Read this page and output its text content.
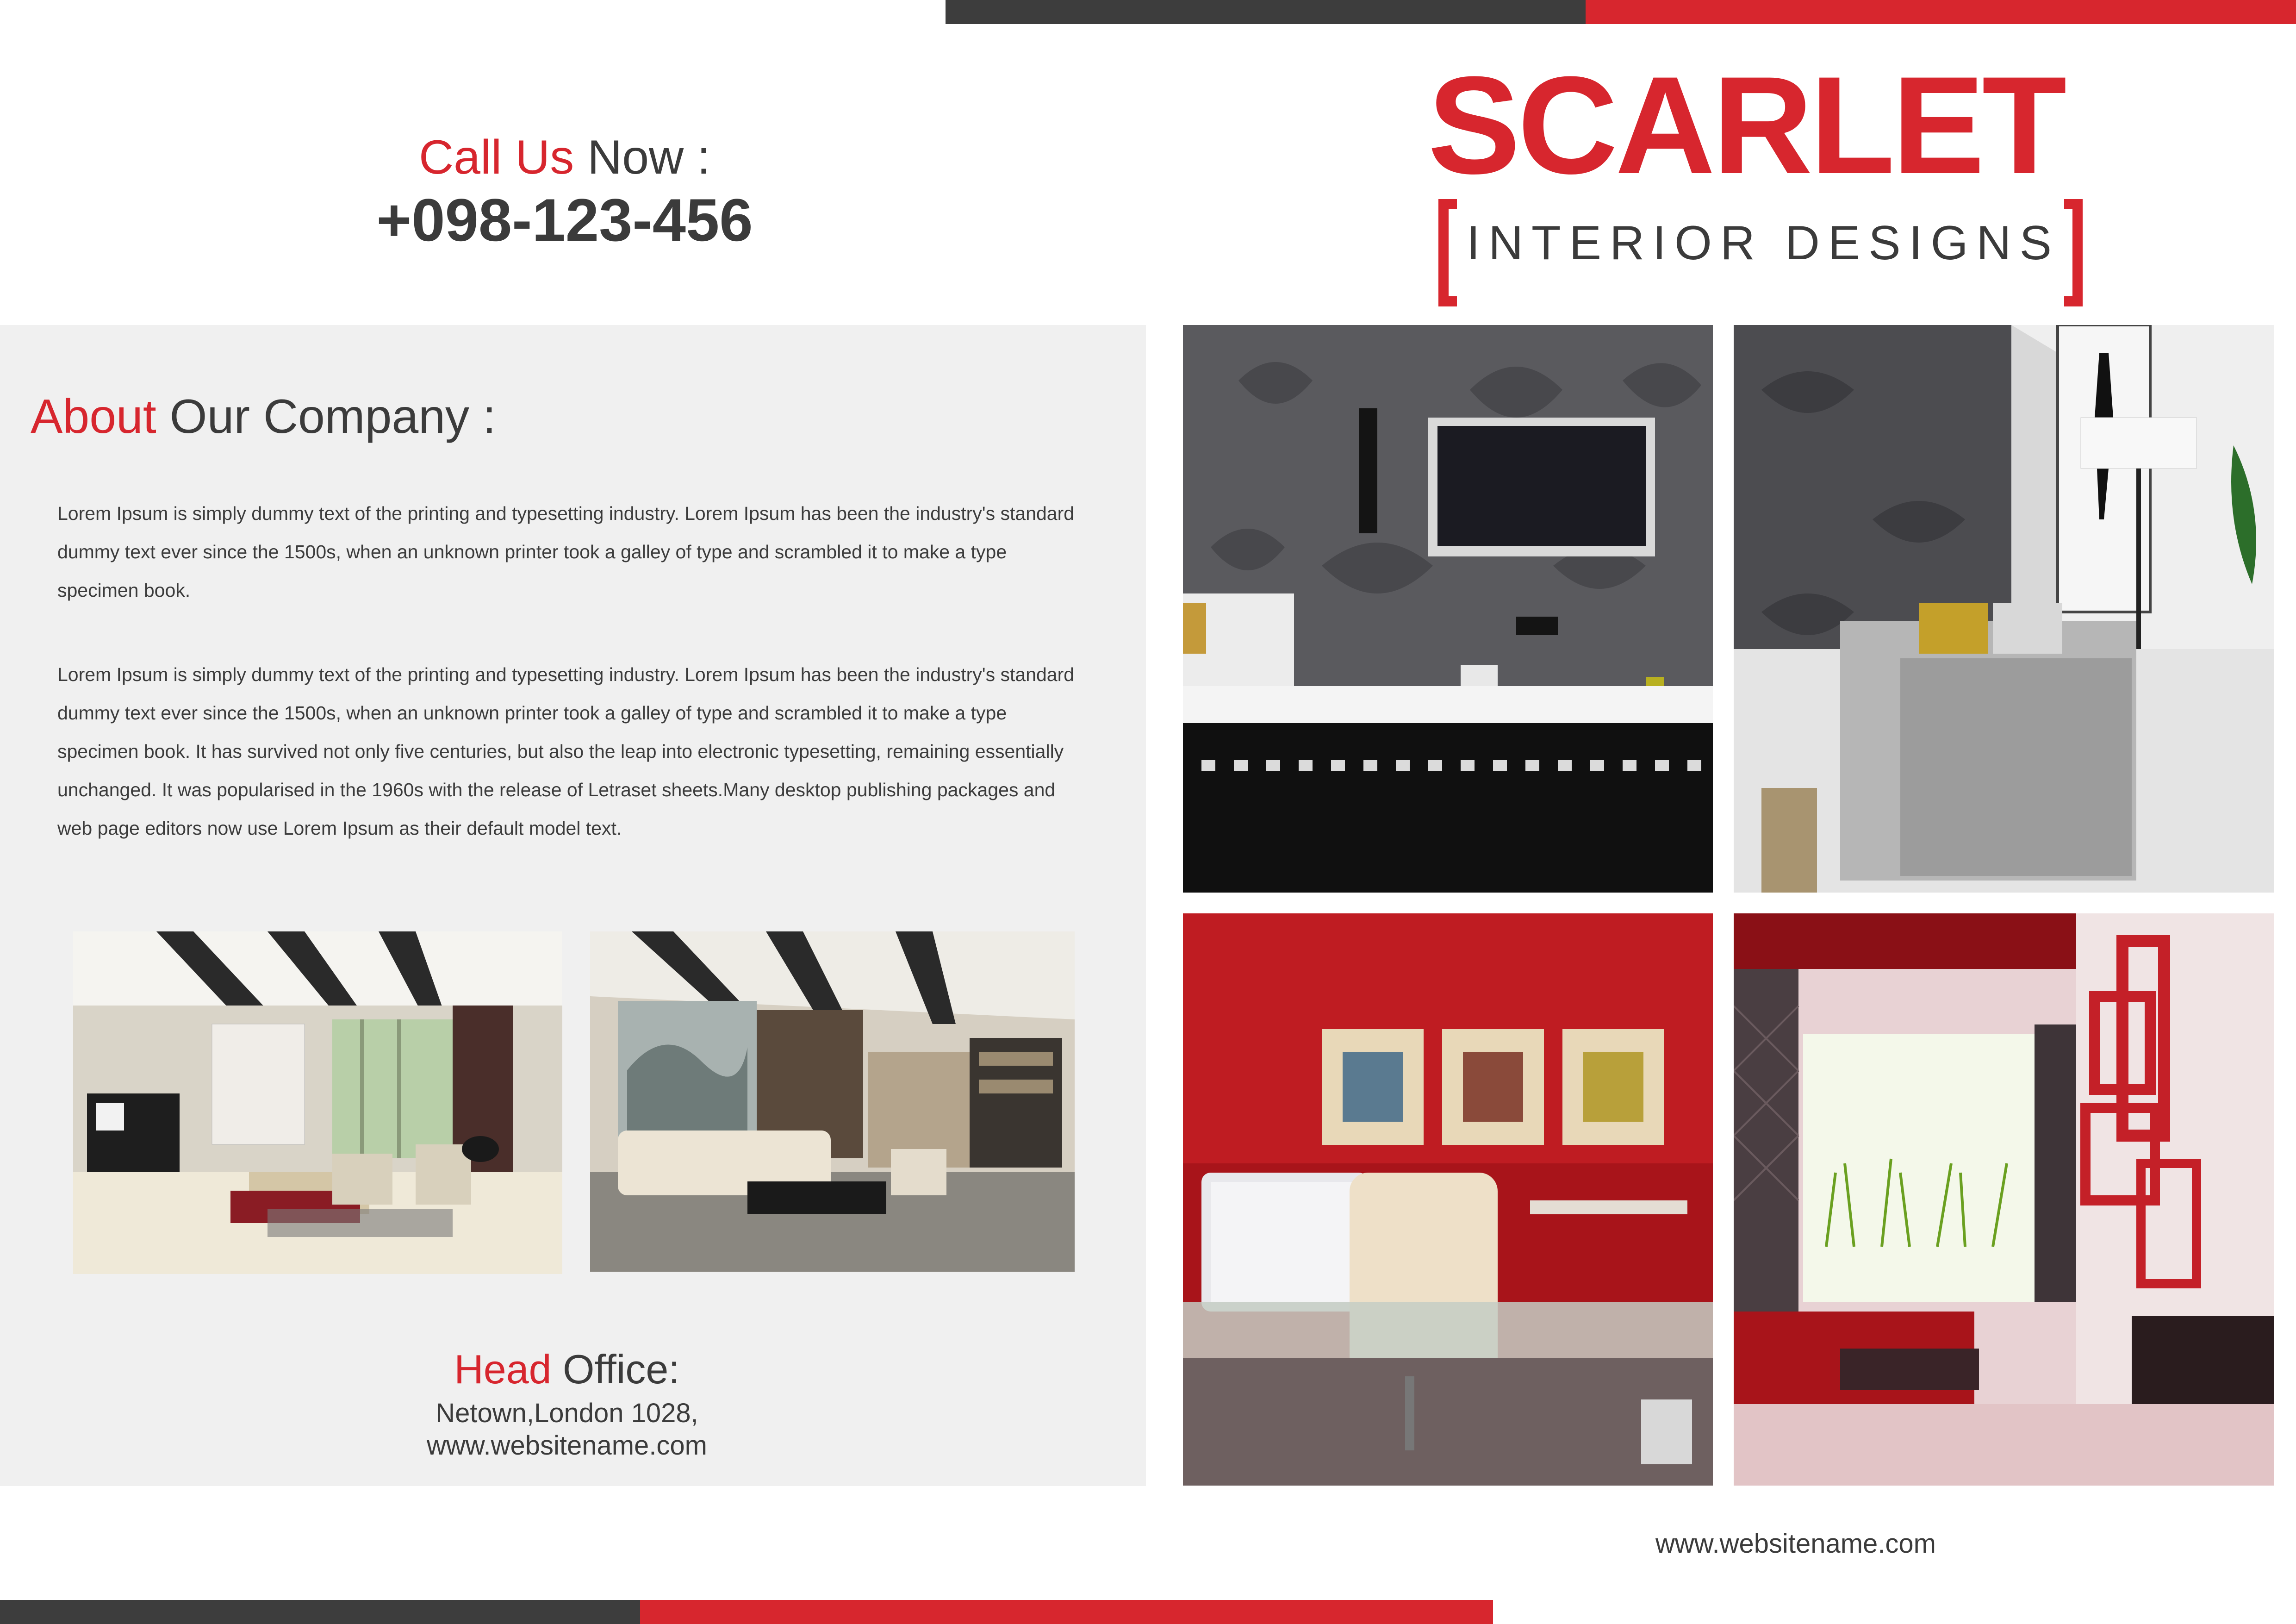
SCARLET
INTERIOR DESIGNS
Call Us Now :
+098-123-456
About Our Company :
Lorem Ipsum is simply dummy text of the printing and typesetting industry. Lorem Ipsum has been the industry's standard dummy text ever since the 1500s, when an unknown printer took a galley of type and scrambled it to make a type specimen book.
Lorem Ipsum is simply dummy text of the printing and typesetting industry. Lorem Ipsum has been the industry's standard dummy text ever since the 1500s, when an unknown printer took a galley of type and scrambled it to make a type specimen book. It has survived not only five centuries, but also the leap into electronic typesetting, remaining essentially unchanged. It was popularised in the 1960s with the release of Letraset sheets.Many desktop publishing packages and web page editors now use Lorem Ipsum as their default model text.
Head Office:
Netown,London 1028,
www.websitename.com
www.websitename.com
